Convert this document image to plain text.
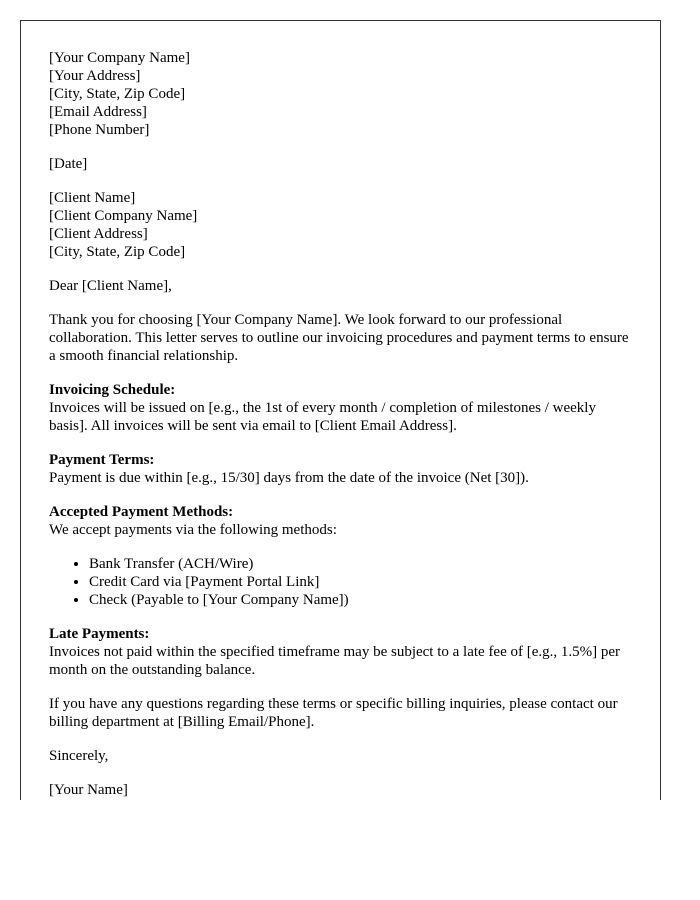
[Your Company Name]
[Your Address]
[City, State, Zip Code]
[Email Address]
[Phone Number]

[Date]

[Client Name]
[Client Company Name]
[Client Address]
[City, State, Zip Code]

Dear [Client Name],

Thank you for choosing [Your Company Name]. We look forward to our professional collaboration. This letter serves to outline our invoicing procedures and payment terms to ensure a smooth financial relationship.

Invoicing Schedule:
Invoices will be issued on [e.g., the 1st of every month / completion of milestones / weekly basis]. All invoices will be sent via email to [Client Email Address].

Payment Terms:
Payment is due within [e.g., 15/30] days from the date of the invoice (Net [30]).

Accepted Payment Methods:
We accept payments via the following methods:

• Bank Transfer (ACH/Wire)
• Credit Card via [Payment Portal Link]
• Check (Payable to [Your Company Name])

Late Payments:
Invoices not paid within the specified timeframe may be subject to a late fee of [e.g., 1.5%] per month on the outstanding balance.

If you have any questions regarding these terms or specific billing inquiries, please contact our billing department at [Billing Email/Phone].

Sincerely,

[Your Name]
